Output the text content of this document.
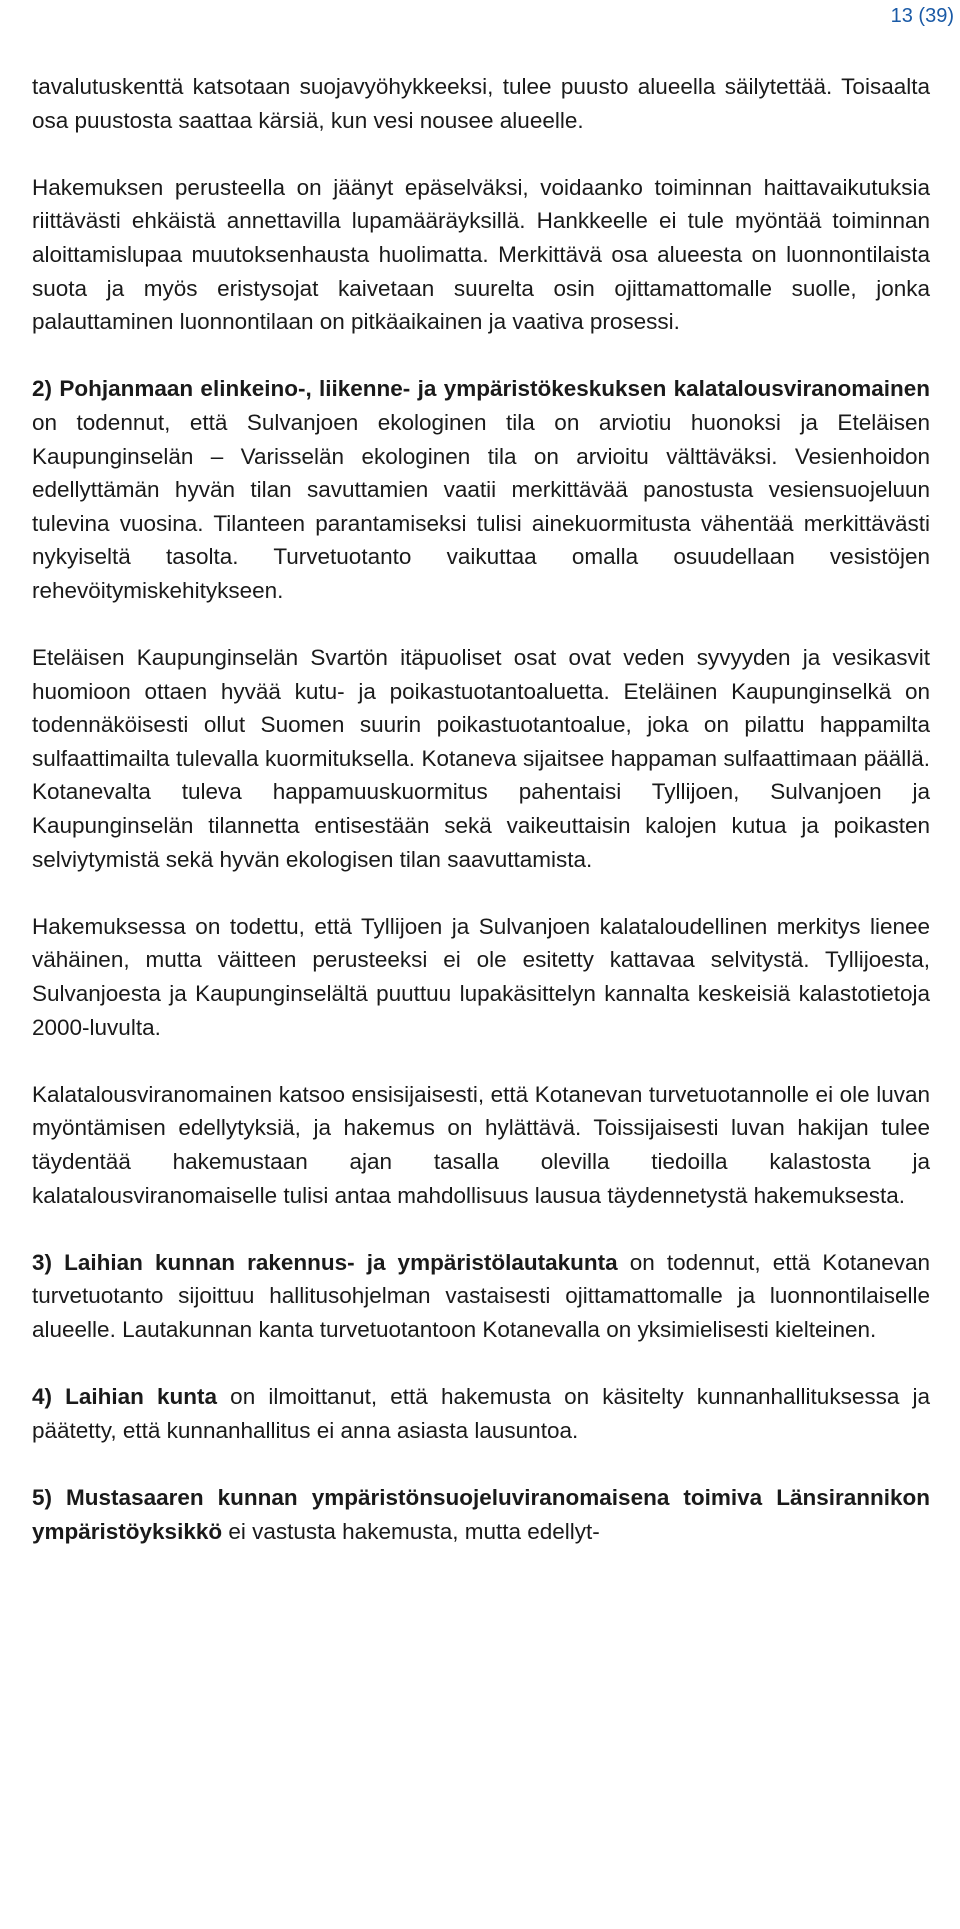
13 (39)

tavalutuskenttä katsotaan suojavyöhykkeeksi, tulee puusto alueella säilytettää. Toisaalta osa puustosta saattaa kärsiä, kun vesi nousee alueelle.

Hakemuksen perusteella on jäänyt epäselväksi, voidaanko toiminnan haittavaikutuksia riittävästi ehkäistä annettavilla lupamääräyksillä. Hankkeelle ei tule myöntää toiminnan aloittamislupaa muutoksenhausta huolimatta. Merkittävä osa alueesta on luonnontilaista suota ja myös eristysojat kaivetaan suurelta osin ojittamattomalle suolle, jonka palauttaminen luonnontilaan on pitkäaikainen ja vaativa prosessi.

2) Pohjanmaan elinkeino-, liikenne- ja ympäristökeskuksen kalatalousviranomainen on todennut, että Sulvanjoen ekologinen tila on arviotiu huonoksi ja Eteläisen Kaupunginselän – Varisselän ekologinen tila on arvioitu välttäväksi. Vesienhoidon edellyttämän hyvän tilan savuttamien vaatii merkittävää panostusta vesiensuojeluun tulevina vuosina. Tilanteen parantamiseksi tulisi ainekuormitusta vähentää merkittävästi nykyiseltä tasolta. Turvetuotanto vaikuttaa omalla osuudellaan vesistöjen rehevöitymiskehitykseen.

Eteläisen Kaupunginselän Svartön itäpuoliset osat ovat veden syvyyden ja vesikasvit huomioon ottaen hyvää kutu- ja poikastuotantoaluetta. Eteläinen Kaupunginselkä on todennäköisesti ollut Suomen suurin poikastuotantoalue, joka on pilattu happamilta sulfaattimailta tulevalla kuormituksella. Kotaneva sijaitsee happaman sulfaattimaan päällä. Kotanevalta tuleva happamuuskuormitus pahentaisi Tyllijoen, Sulvanjoen ja Kaupunginselän tilannetta entisestään sekä vaikeuttaisin kalojen kutua ja poikasten selviytymistä sekä hyvän ekologisen tilan saavuttamista.

Hakemuksessa on todettu, että Tyllijoen ja Sulvanjoen kalataloudellinen merkitys lienee vähäinen, mutta väitteen perusteeksi ei ole esitetty kattavaa selvitystä. Tyllijoesta, Sulvanjoesta ja Kaupunginselältä puuttuu lupakäsittelyn kannalta keskeisiä kalastotietoja 2000-luvulta.

Kalatalousviranomainen katsoo ensisijaisesti, että Kotanevan turvetuotannolle ei ole luvan myöntämisen edellytyksiä, ja hakemus on hylättävä. Toissijaisesti luvan hakijan tulee täydentää hakemustaan ajan tasalla olevilla tiedoilla kalastosta ja kalatalousviranomaiselle tulisi antaa mahdollisuus lausua täydennetystä hakemuksesta.

3) Laihian kunnan rakennus- ja ympäristölautakunta on todennut, että Kotanevan turvetuotanto sijoittuu hallitusohjelman vastaisesti ojittamattomalle ja luonnontilaiselle alueelle. Lautakunnan kanta turvetuotantoon Kotanevalla on yksimielisesti kielteinen.

4) Laihian kunta on ilmoittanut, että hakemusta on käsitelty kunnanhallituksessa ja päätetty, että kunnanhallitus ei anna asiasta lausuntoa.

5) Mustasaaren kunnan ympäristönsuojeluviranomaisena toimiva Länsirannikon ympäristöyksikkö ei vastusta hakemusta, mutta edellyt-
